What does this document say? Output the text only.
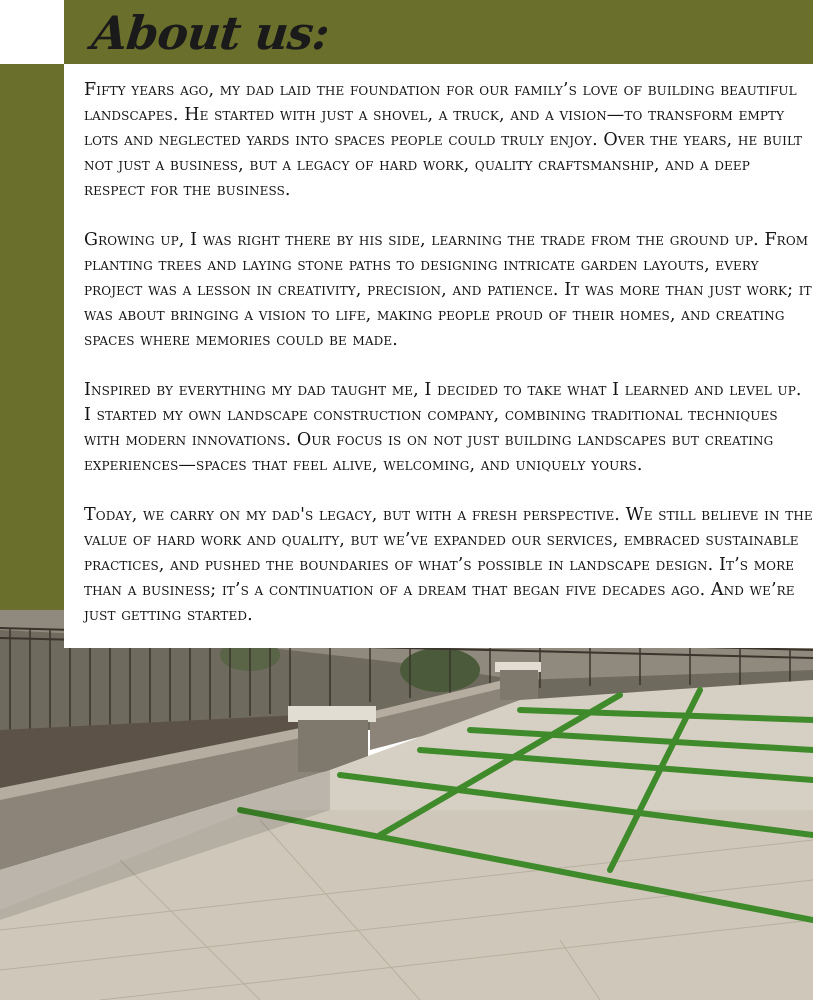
About us:

Fifty years ago, my dad laid the foundation for our family’s love of building beautiful landscapes. He started with just a shovel, a truck, and a vision—to transform empty lots and neglected yards into spaces people could truly enjoy. Over the years, he built not just a business, but a legacy of hard work, quality craftsmanship, and a deep respect for the business.

Growing up, I was right there by his side, learning the trade from the ground up. From planting trees and laying stone paths to designing intricate garden layouts, every project was a lesson in creativity, precision, and patience. It was more than just work; it was about bringing a vision to life, making people proud of their homes, and creating spaces where memories could be made.

Inspired by everything my dad taught me, I decided to take what I learned and level up. I started my own landscape construction company, combining traditional techniques with modern innovations. Our focus is on not just building landscapes but creating experiences—spaces that feel alive, welcoming, and uniquely yours.

Today, we carry on my dad's legacy, but with a fresh perspective. We still believe in the value of hard work and quality, but we’ve expanded our services, embraced sustainable practices, and pushed the boundaries of what’s possible in landscape design. It’s more than a business; it’s a continuation of a dream that began five decades ago. And we’re just getting started.
